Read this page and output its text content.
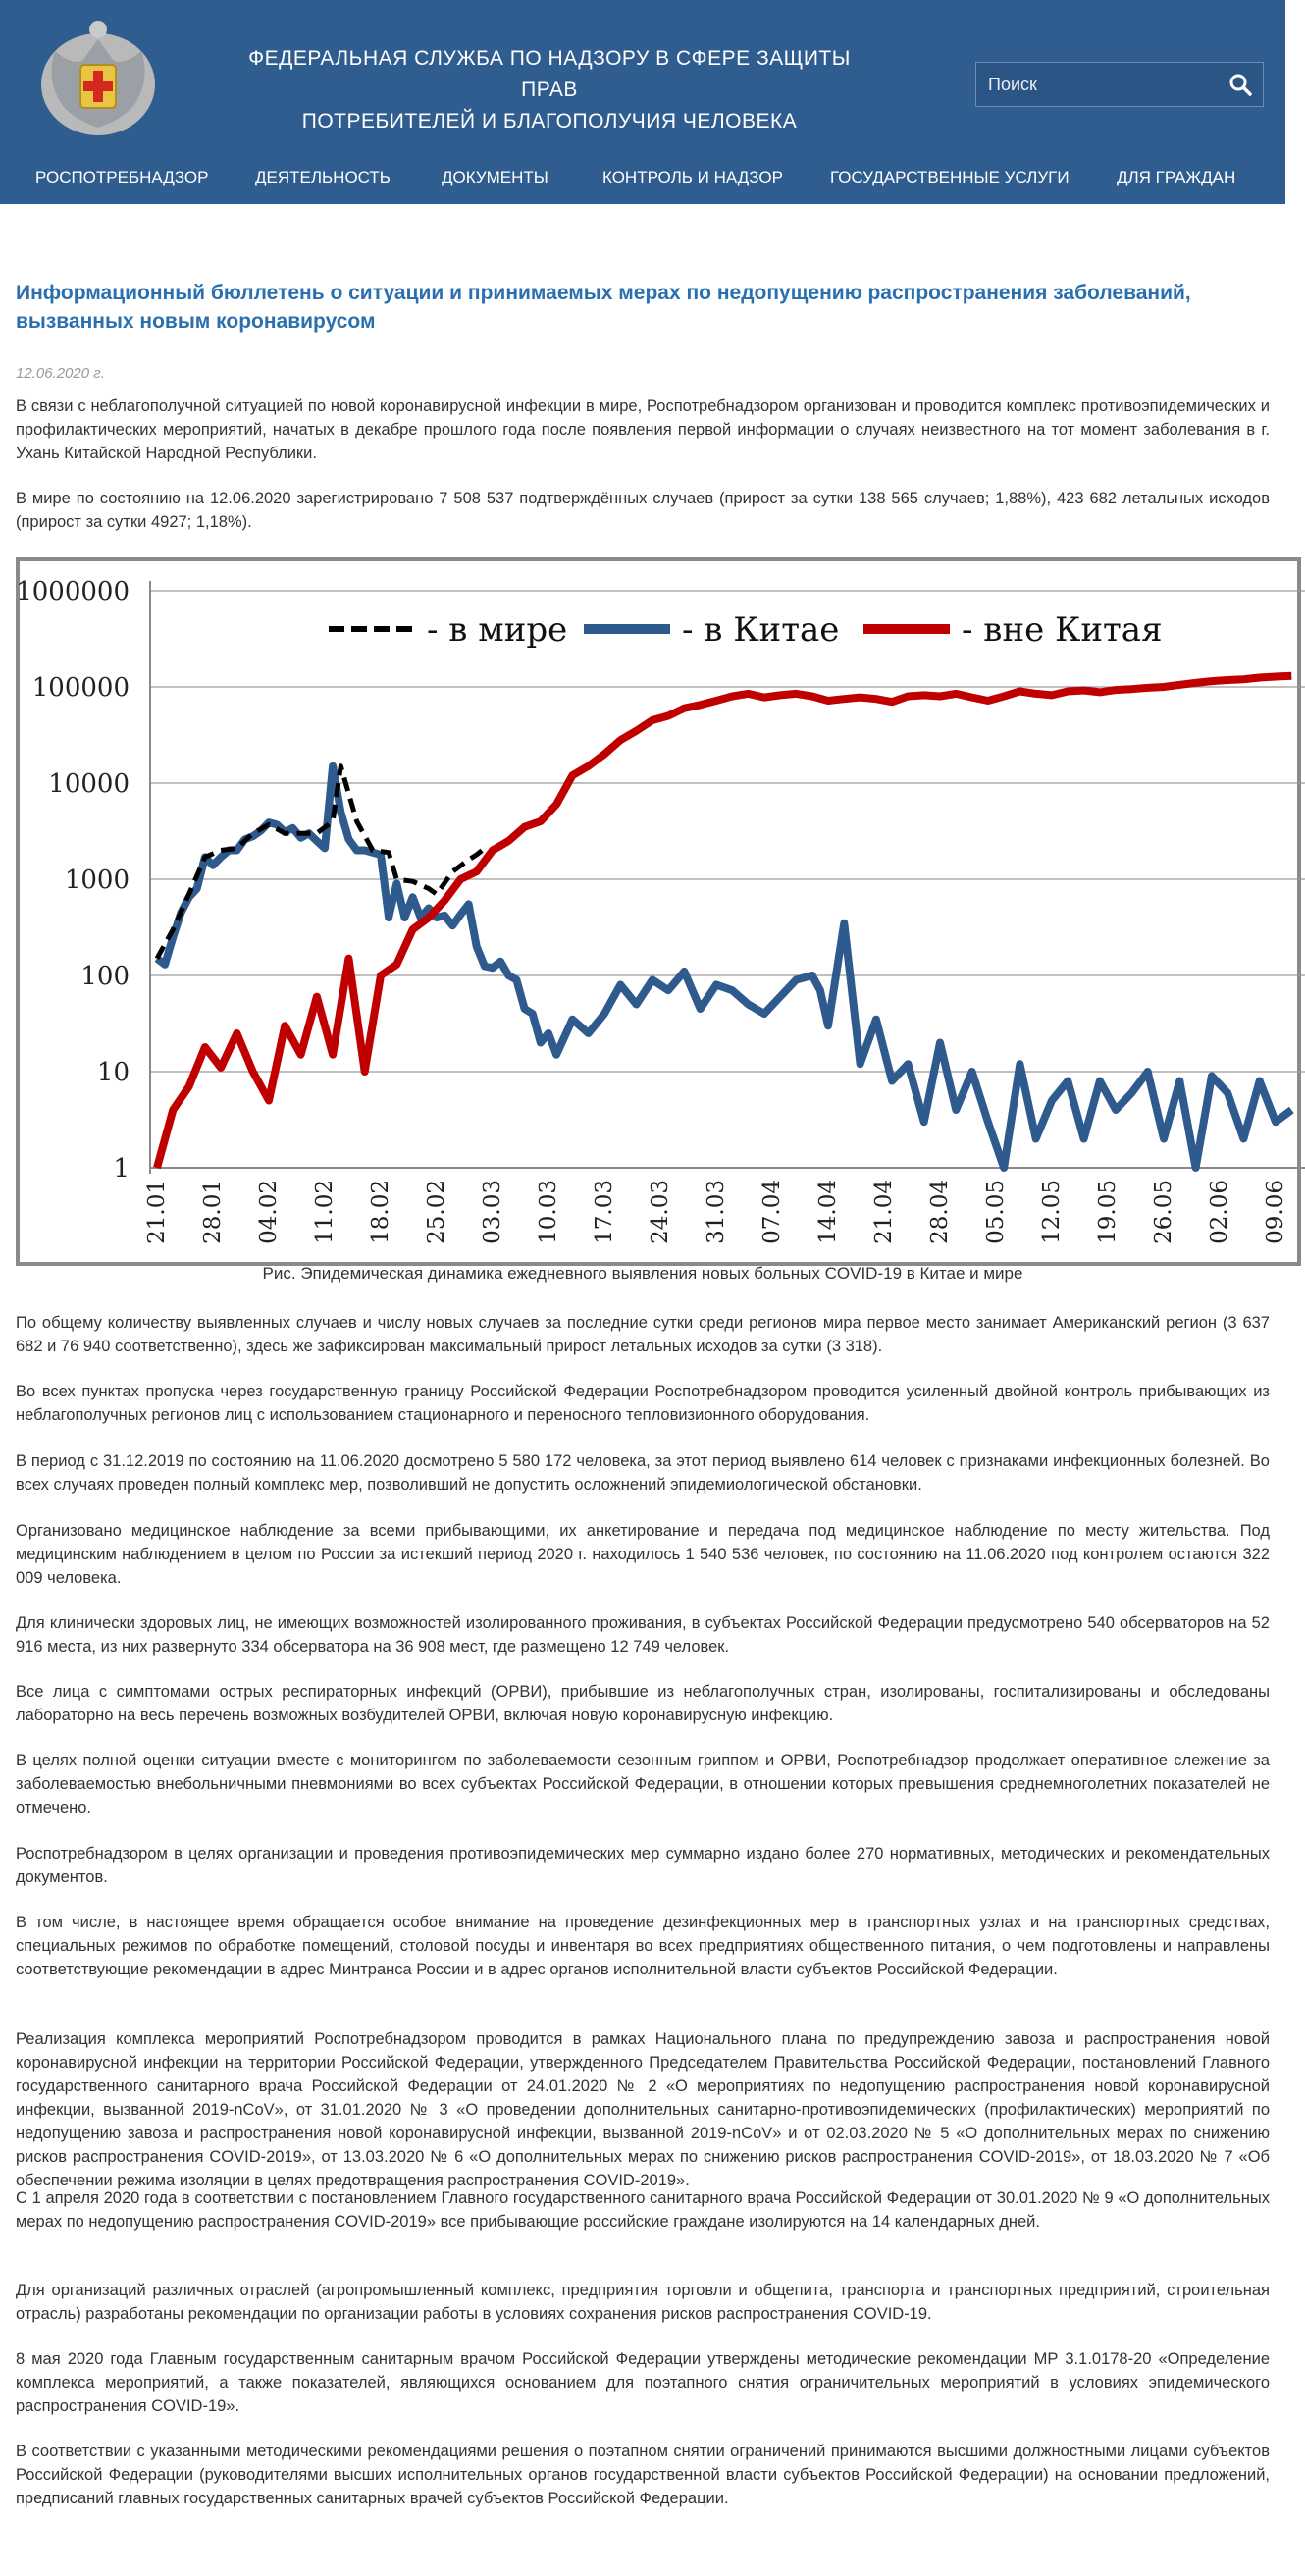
ФЕДЕРАЛЬНАЯ СЛУЖБА ПО НАДЗОРУ В СФЕРЕ ЗАЩИТЫ ПРАВ
ПОТРЕБИТЕЛЕЙ И БЛАГОПОЛУЧИЯ ЧЕЛОВЕКА
Поиск
РОСПОТРЕБНАДЗОР	ДЕЯТЕЛЬНОСТЬ	ДОКУМЕНТЫ	КОНТРОЛЬ И НАДЗОР	ГОСУДАРСТВЕННЫЕ УСЛУГИ	ДЛЯ ГРАЖДАН
Информационный бюллетень о ситуации и принимаемых мерах по недопущению распространения заболеваний, вызванных новым коронавирусом
12.06.2020 г.
В связи с неблагополучной ситуацией по новой коронавирусной инфекции в мире, Роспотребнадзором организован и проводится комплекс противоэпидемических и профилактических мероприятий, начатых в декабре прошлого года после появления первой информации о случаях неизвестного на тот момент заболевания в г. Ухань Китайской Народной Республики.
В мире по состоянию на 12.06.2020 зарегистрировано 7 508 537 подтверждённых случаев (прирост за сутки 138 565 случаев; 1,88%), 423 682 летальных исходов (прирост за сутки 4927; 1,18%).
1000000
100000
10000
1000
100
10
1
21.01 28.01 04.02 11.02 18.02 25.02 03.03 10.03 17.03 24.03 31.03 07.04 14.04 21.04 28.04 05.05 12.05 19.05 26.05 02.06 09.06
- в мире	- в Китае	- вне Китая
Рис. Эпидемическая динамика ежедневного выявления новых больных COVID-19 в Китае и мире
По общему количеству выявленных случаев и числу новых случаев за последние сутки среди регионов мира первое место занимает Американский регион (3 637 682 и 76 940 соответственно), здесь же зафиксирован максимальный прирост летальных исходов за сутки (3 318).
Во всех пунктах пропуска через государственную границу Российской Федерации Роспотребнадзором проводится усиленный двойной контроль прибывающих из неблагополучных регионов лиц с использованием стационарного и переносного тепловизионного оборудования.
В период с 31.12.2019 по состоянию на 11.06.2020 досмотрено 5 580 172 человека, за этот период выявлено 614 человек с признаками инфекционных болезней. Во всех случаях проведен полный комплекс мер, позволивший не допустить осложнений эпидемиологической обстановки.
Организовано медицинское наблюдение за всеми прибывающими, их анкетирование и передача под медицинское наблюдение по месту жительства. Под медицинским наблюдением в целом по России за истекший период 2020 г. находилось 1 540 536 человек, по состоянию на 11.06.2020 под контролем остаются 322 009 человека.
Для клинически здоровых лиц, не имеющих возможностей изолированного проживания, в субъектах Российской Федерации предусмотрено 540 обсерваторов на 52 916 места, из них развернуто 334 обсерватора на 36 908 мест, где размещено 12 749 человек.
Все лица с симптомами острых респираторных инфекций (ОРВИ), прибывшие из неблагополучных стран, изолированы, госпитализированы и обследованы лабораторно на весь перечень возможных возбудителей ОРВИ, включая новую коронавирусную инфекцию.
В целях полной оценки ситуации вместе с мониторингом по заболеваемости сезонным гриппом и ОРВИ, Роспотребнадзор продолжает оперативное слежение за заболеваемостью внебольничными пневмониями во всех субъектах Российской Федерации, в отношении которых превышения среднемноголетних показателей не отмечено.
Роспотребнадзором в целях организации и проведения противоэпидемических мер суммарно издано более 270 нормативных, методических и рекомендательных документов.
В том числе, в настоящее время обращается особое внимание на проведение дезинфекционных мер в транспортных узлах и на транспортных средствах, специальных режимов по обработке помещений, столовой посуды и инвентаря во всех предприятиях общественного питания, о чем подготовлены и направлены соответствующие рекомендации в адрес Минтранса России и в адрес органов исполнительной власти субъектов Российской Федерации.
Реализация комплекса мероприятий Роспотребнадзором проводится в рамках Национального плана по предупреждению завоза и распространения новой коронавирусной инфекции на территории Российской Федерации, утвержденного Председателем Правительства Российской Федерации, постановлений Главного государственного санитарного врача Российской Федерации от 24.01.2020 № 2 «О мероприятиях по недопущению распространения новой коронавирусной инфекции, вызванной 2019-nCoV», от 31.01.2020 № 3 «О проведении дополнительных санитарно-противоэпидемических (профилактических) мероприятий по недопущению завоза и распространения новой коронавирусной инфекции, вызванной 2019-nCoV» и от 02.03.2020 № 5 «О дополнительных мерах по снижению рисков распространения COVID-2019», от 13.03.2020 № 6 «О дополнительных мерах по снижению рисков распространения COVID-2019», от 18.03.2020 № 7 «Об обеспечении режима изоляции в целях предотвращения распространения COVID-2019».
С 1 апреля 2020 года в соответствии с постановлением Главного государственного санитарного врача Российской Федерации от 30.01.2020 № 9 «О дополнительных мерах по недопущению распространения COVID-2019» все прибывающие российские граждане изолируются на 14 календарных дней.
Для организаций различных отраслей (агропромышленный комплекс, предприятия торговли и общепита, транспорта и транспортных предприятий, строительная отрасль) разработаны рекомендации по организации работы в условиях сохранения рисков распространения COVID-19.
8 мая 2020 года Главным государственным санитарным врачом Российской Федерации утверждены методические рекомендации МР 3.1.0178-20 «Определение комплекса мероприятий, а также показателей, являющихся основанием для поэтапного снятия ограничительных мероприятий в условиях эпидемического распространения COVID-19».
В соответствии с указанными методическими рекомендациями решения о поэтапном снятии ограничений принимаются высшими должностными лицами субъектов Российской Федерации (руководителями высших исполнительных органов государственной власти субъектов Российской Федерации) на основании предложений, предписаний главных государственных санитарных врачей субъектов Российской Федерации.
